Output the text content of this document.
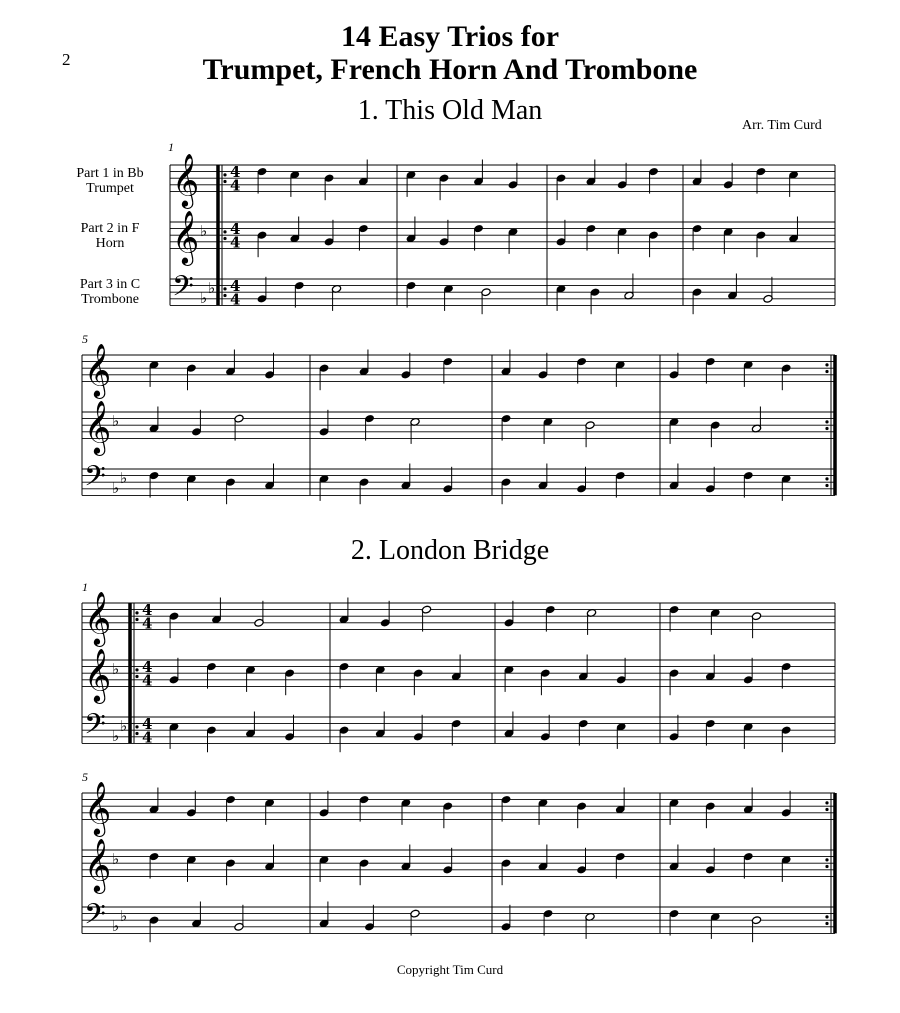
2
14 Easy Trios for
Trumpet, French Horn And Trombone
1. This Old Man	Arr. Tim Curd
Part 1 in Bb
Trumpet
Part 2 in F
Horn
Part 3 in C
Trombone
2. London Bridge
Copyright Tim Curd
1
5
1
5
𝄞 4
4
𝄞 ♭ 4
4
𝄢 ♭
♭ 4
4
𝄞
𝄞 ♭
𝄢 ♭
♭
𝄞 4
4
𝄞 ♭ 4
4
𝄢 ♭
♭ 4
4
𝄞
𝄞 ♭
𝄢 ♭
♭
